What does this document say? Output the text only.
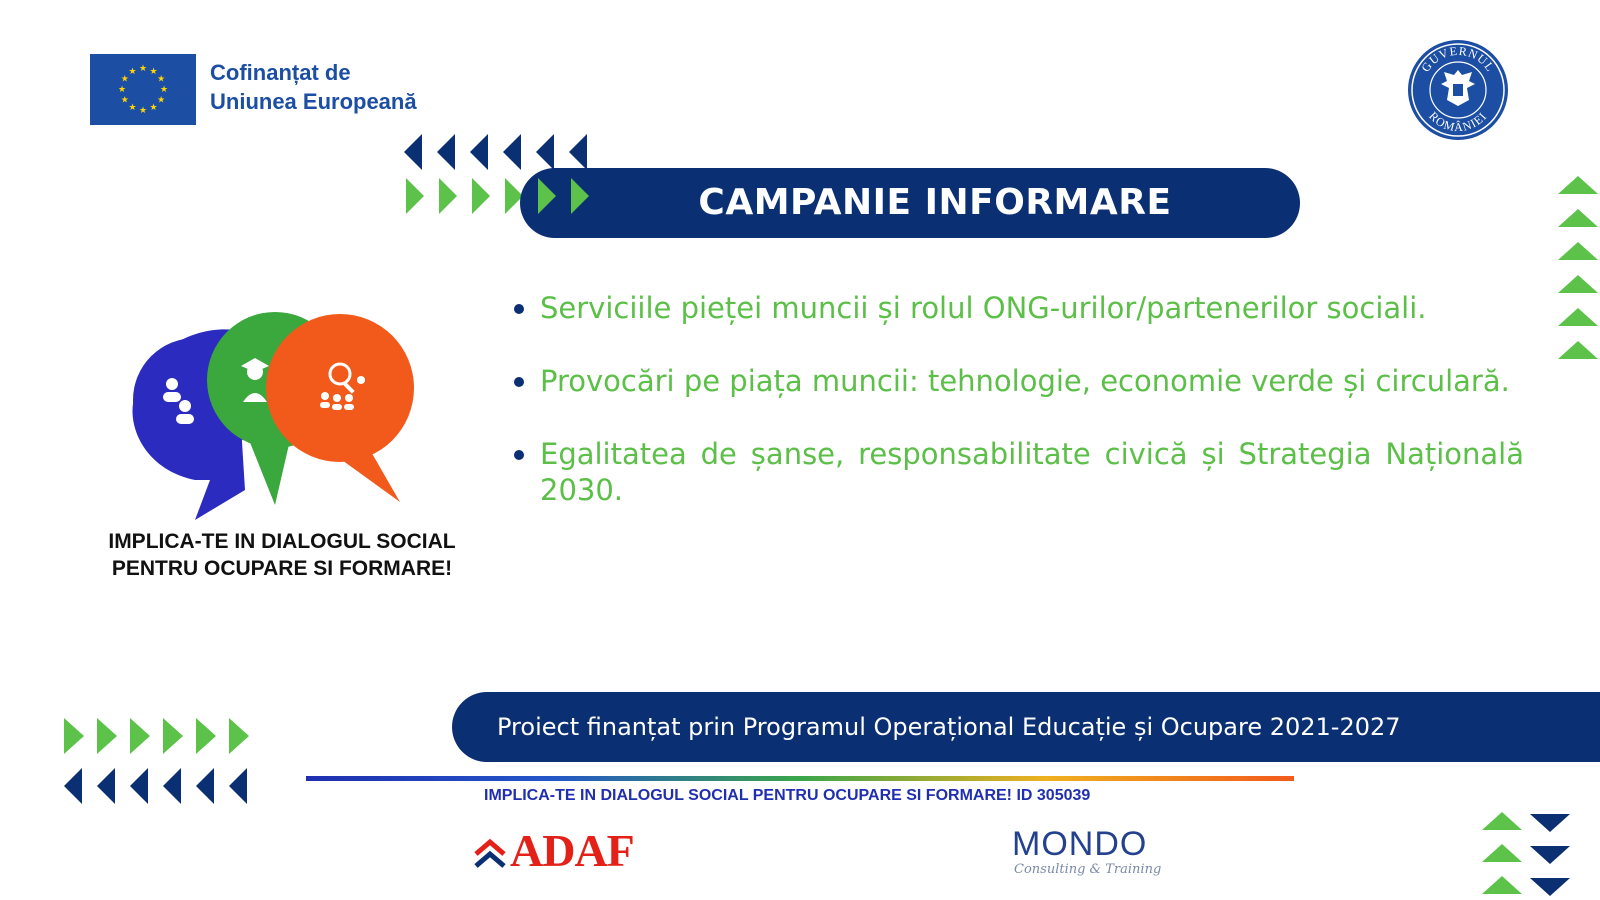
★ ★
★
★
★
★
★
★
★
★
★
★	Cofinanțat de
Uniunea Europeană
GUVERNUL
ROMÂNIEI
CAMPANIE INFORMARE
IMPLICA-TE IN DIALOGUL SOCIAL
PENTRU OCUPARE SI FORMARE!
Serviciile pieței muncii și rolul ONG-urilor/partenerilor sociali.
Provocări pe piața muncii: tehnologie, economie verde și circulară.
Egalitatea de șanse, responsabilitate civică și Strategia Națională 2030.
Proiect finanțat prin Programul Operațional Educație și Ocupare 2021-2027
IMPLICA-TE IN DIALOGUL SOCIAL PENTRU OCUPARE SI FORMARE! ID 305039
ADAF	MONDO
Consulting & Training
